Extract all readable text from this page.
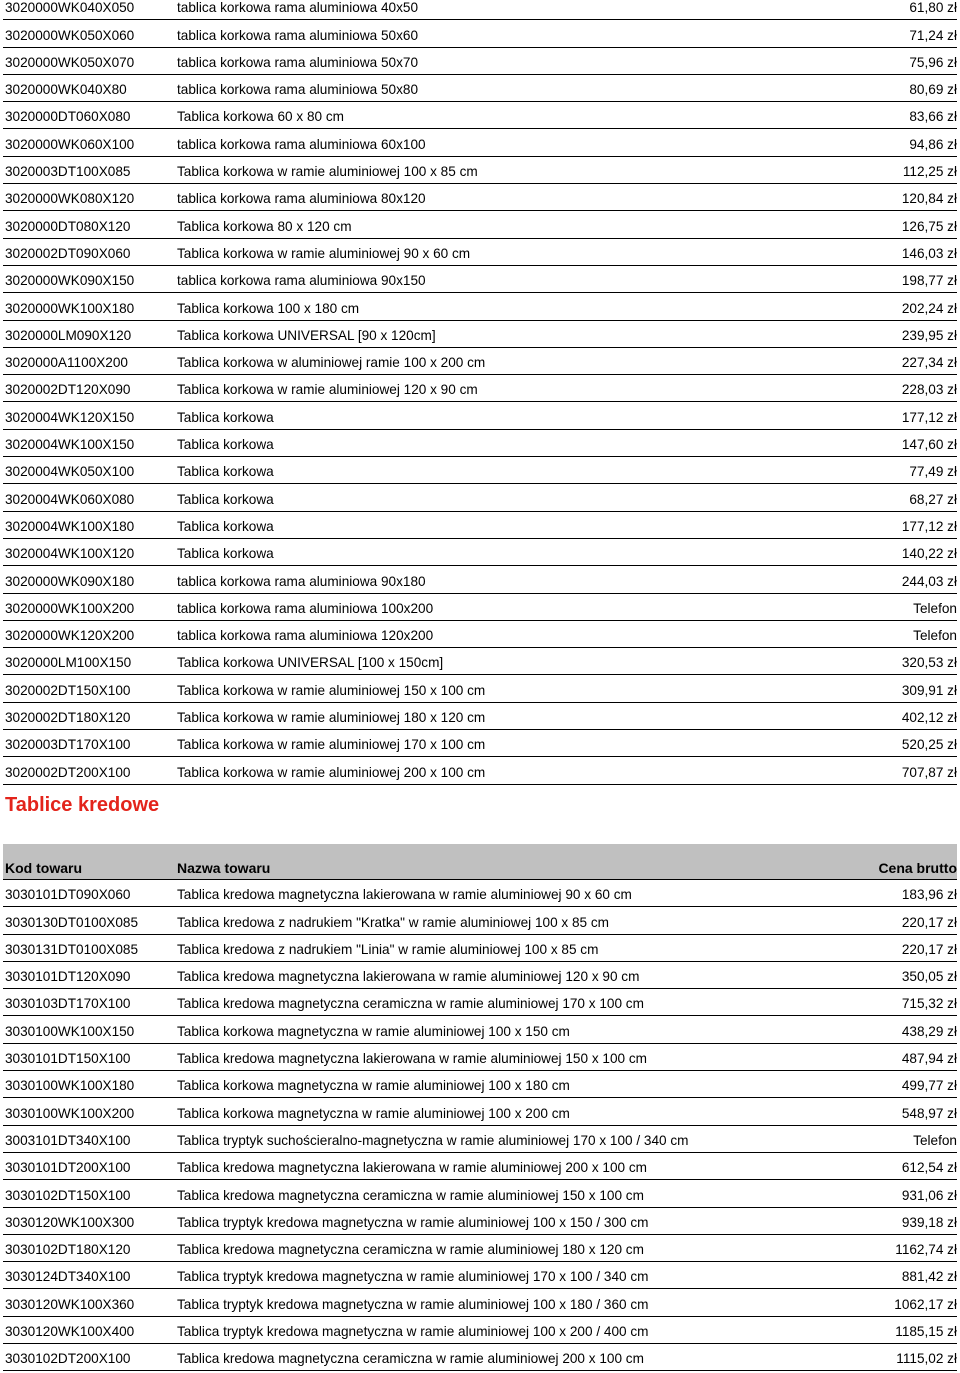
3020000WK040X050	tablica korkowa rama aluminiowa 40x50	61,80 zł
3020000WK050X060	tablica korkowa rama aluminiowa 50x60	71,24 zł
3020000WK050X070	tablica korkowa rama aluminiowa 50x70	75,96 zł
3020000WK040X80	tablica korkowa rama aluminiowa 50x80	80,69 zł
3020000DT060X080	Tablica korkowa 60 x 80 cm	83,66 zł
3020000WK060X100	tablica korkowa rama aluminiowa 60x100	94,86 zł
3020003DT100X085	Tablica korkowa w ramie aluminiowej 100 x 85 cm	112,25 zł
3020000WK080X120	tablica korkowa rama aluminiowa 80x120	120,84 zł
3020000DT080X120	Tablica korkowa 80 x 120 cm	126,75 zł
3020002DT090X060	Tablica korkowa w ramie aluminiowej 90 x 60 cm	146,03 zł
3020000WK090X150	tablica korkowa rama aluminiowa 90x150	198,77 zł
3020000WK100X180	Tablica korkowa 100 x 180 cm	202,24 zł
3020000LM090X120	Tablica korkowa UNIVERSAL [90 x 120cm]	239,95 zł
3020000A1100X200	Tablica korkowa w aluminiowej ramie 100 x 200 cm	227,34 zł
3020002DT120X090	Tablica korkowa w ramie aluminiowej 120 x 90 cm	228,03 zł
3020004WK120X150	Tablica korkowa	177,12 zł
3020004WK100X150	Tablica korkowa	147,60 zł
3020004WK050X100	Tablica korkowa	77,49 zł
3020004WK060X080	Tablica korkowa	68,27 zł
3020004WK100X180	Tablica korkowa	177,12 zł
3020004WK100X120	Tablica korkowa	140,22 zł
3020000WK090X180	tablica korkowa rama aluminiowa 90x180	244,03 zł
3020000WK100X200	tablica korkowa rama aluminiowa 100x200	Telefon
3020000WK120X200	tablica korkowa rama aluminiowa 120x200	Telefon
3020000LM100X150	Tablica korkowa UNIVERSAL [100 x 150cm]	320,53 zł
3020002DT150X100	Tablica korkowa w ramie aluminiowej 150 x 100 cm	309,91 zł
3020002DT180X120	Tablica korkowa w ramie aluminiowej 180 x 120 cm	402,12 zł
3020003DT170X100	Tablica korkowa w ramie aluminiowej 170 x 100 cm	520,25 zł
3020002DT200X100	Tablica korkowa w ramie aluminiowej 200 x 100 cm	707,87 zł
Tablice kredowe
Kod towaru	Nazwa towaru	Cena brutto
3030101DT090X060	Tablica kredowa magnetyczna lakierowana w ramie aluminiowej 90 x 60 cm	183,96 zł
3030130DT0100X085	Tablica kredowa z nadrukiem "Kratka" w ramie aluminiowej 100 x 85 cm	220,17 zł
3030131DT0100X085	Tablica kredowa z nadrukiem "Linia" w ramie aluminiowej 100 x 85 cm	220,17 zł
3030101DT120X090	Tablica kredowa magnetyczna lakierowana w ramie aluminiowej 120 x 90 cm	350,05 zł
3030103DT170X100	Tablica kredowa magnetyczna ceramiczna w ramie aluminiowej 170 x 100 cm	715,32 zł
3030100WK100X150	Tablica korkowa magnetyczna w ramie aluminiowej 100 x 150 cm	438,29 zł
3030101DT150X100	Tablica kredowa magnetyczna lakierowana w ramie aluminiowej 150 x 100 cm	487,94 zł
3030100WK100X180	Tablica korkowa magnetyczna w ramie aluminiowej 100 x 180 cm	499,77 zł
3030100WK100X200	Tablica korkowa magnetyczna w ramie aluminiowej 100 x 200 cm	548,97 zł
3003101DT340X100	Tablica tryptyk suchościeralno-magnetyczna w ramie aluminiowej 170 x 100 / 340 cm	Telefon
3030101DT200X100	Tablica kredowa magnetyczna lakierowana w ramie aluminiowej 200 x 100 cm	612,54 zł
3030102DT150X100	Tablica kredowa magnetyczna ceramiczna w ramie aluminiowej 150 x 100 cm	931,06 zł
3030120WK100X300	Tablica tryptyk kredowa magnetyczna w ramie aluminiowej 100 x 150 / 300 cm	939,18 zł
3030102DT180X120	Tablica kredowa magnetyczna ceramiczna w ramie aluminiowej 180 x 120 cm	1162,74 zł
3030124DT340X100	Tablica tryptyk kredowa magnetyczna w ramie aluminiowej 170 x 100 / 340 cm	881,42 zł
3030120WK100X360	Tablica tryptyk kredowa magnetyczna w ramie aluminiowej 100 x 180 / 360 cm	1062,17 zł
3030120WK100X400	Tablica tryptyk kredowa magnetyczna w ramie aluminiowej 100 x 200 / 400 cm	1185,15 zł
3030102DT200X100	Tablica kredowa magnetyczna ceramiczna w ramie aluminiowej 200 x 100 cm	1115,02 zł
